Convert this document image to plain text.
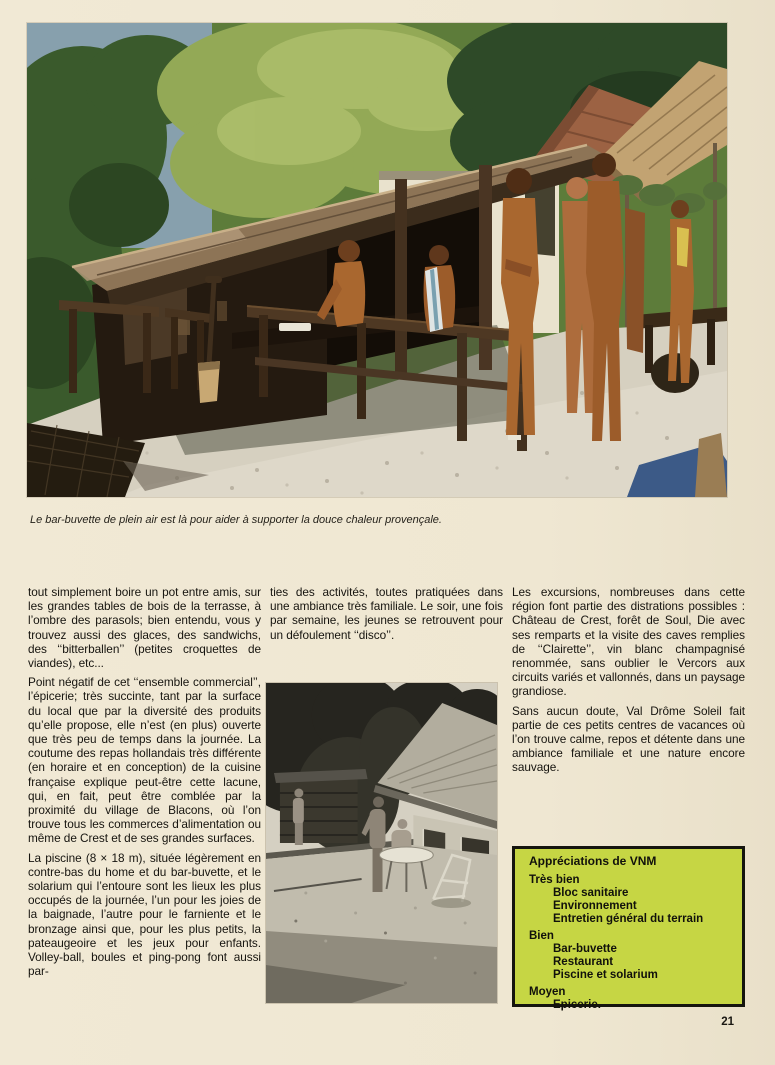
Le bar-buvette de plein air est là pour aider à supporter la douce chaleur provençale.

tout simplement boire un pot entre amis, sur les grandes tables de bois de la terrasse, à l’ombre des parasols; bien entendu, vous y trouvez aussi des glaces, des sandwichs, des ‘‘bitterballen’’ (petites croquettes de viandes), etc...

Point négatif de cet ‘‘ensemble commercial’’, l’épicerie; très succinte, tant par la surface du local que par la diversité des produits qu’elle propose, elle n’est (en plus) ouverte que très peu de temps dans la journée. La coutume des repas hollandais très différente (en horaire et en conception) de la cuisine française explique peut-être cette lacune, qui, en fait, peut être comblée par la proximité du village de Blacons, où l’on trouve tous les commerces d’alimentation ou même de Crest et de ses grandes surfaces.

La piscine (8 × 18 m), située légèrement en contre-bas du home et du bar-buvette, et le solarium qui l’entoure sont les lieux les plus occupés de la journée, l’un pour les joies de la baignade, l’autre pour le farniente et le bronzage ainsi que, pour les plus petits, la pateaugeoire et les jeux pour enfants. Volley-ball, boules et ping-pong font aussi par-

ties des activités, toutes pratiquées dans une ambiance très familiale. Le soir, une fois par semaine, les jeunes se retrouvent pour un défoulement ‘‘disco’’.

Les excursions, nombreuses dans cette région font partie des distrations possibles : Château de Crest, forêt de Soul, Die avec ses remparts et la visite des caves remplies de ‘‘Clairette’’, vin blanc champagnisé renommée, sans oublier le Vercors aux circuits variés et vallonnés, dans un paysage grandiose.

Sans aucun doute, Val Drôme Soleil fait partie de ces petits centres de vacances où l’on trouve calme, repos et détente dans une ambiance familiale et une nature encore sauvage.

Appréciations de VNM
Très bien
Bloc sanitaire
Environnement
Entretien général du terrain
Bien
Bar-buvette
Restaurant
Piscine et solarium
Moyen
Epicerie.
21
